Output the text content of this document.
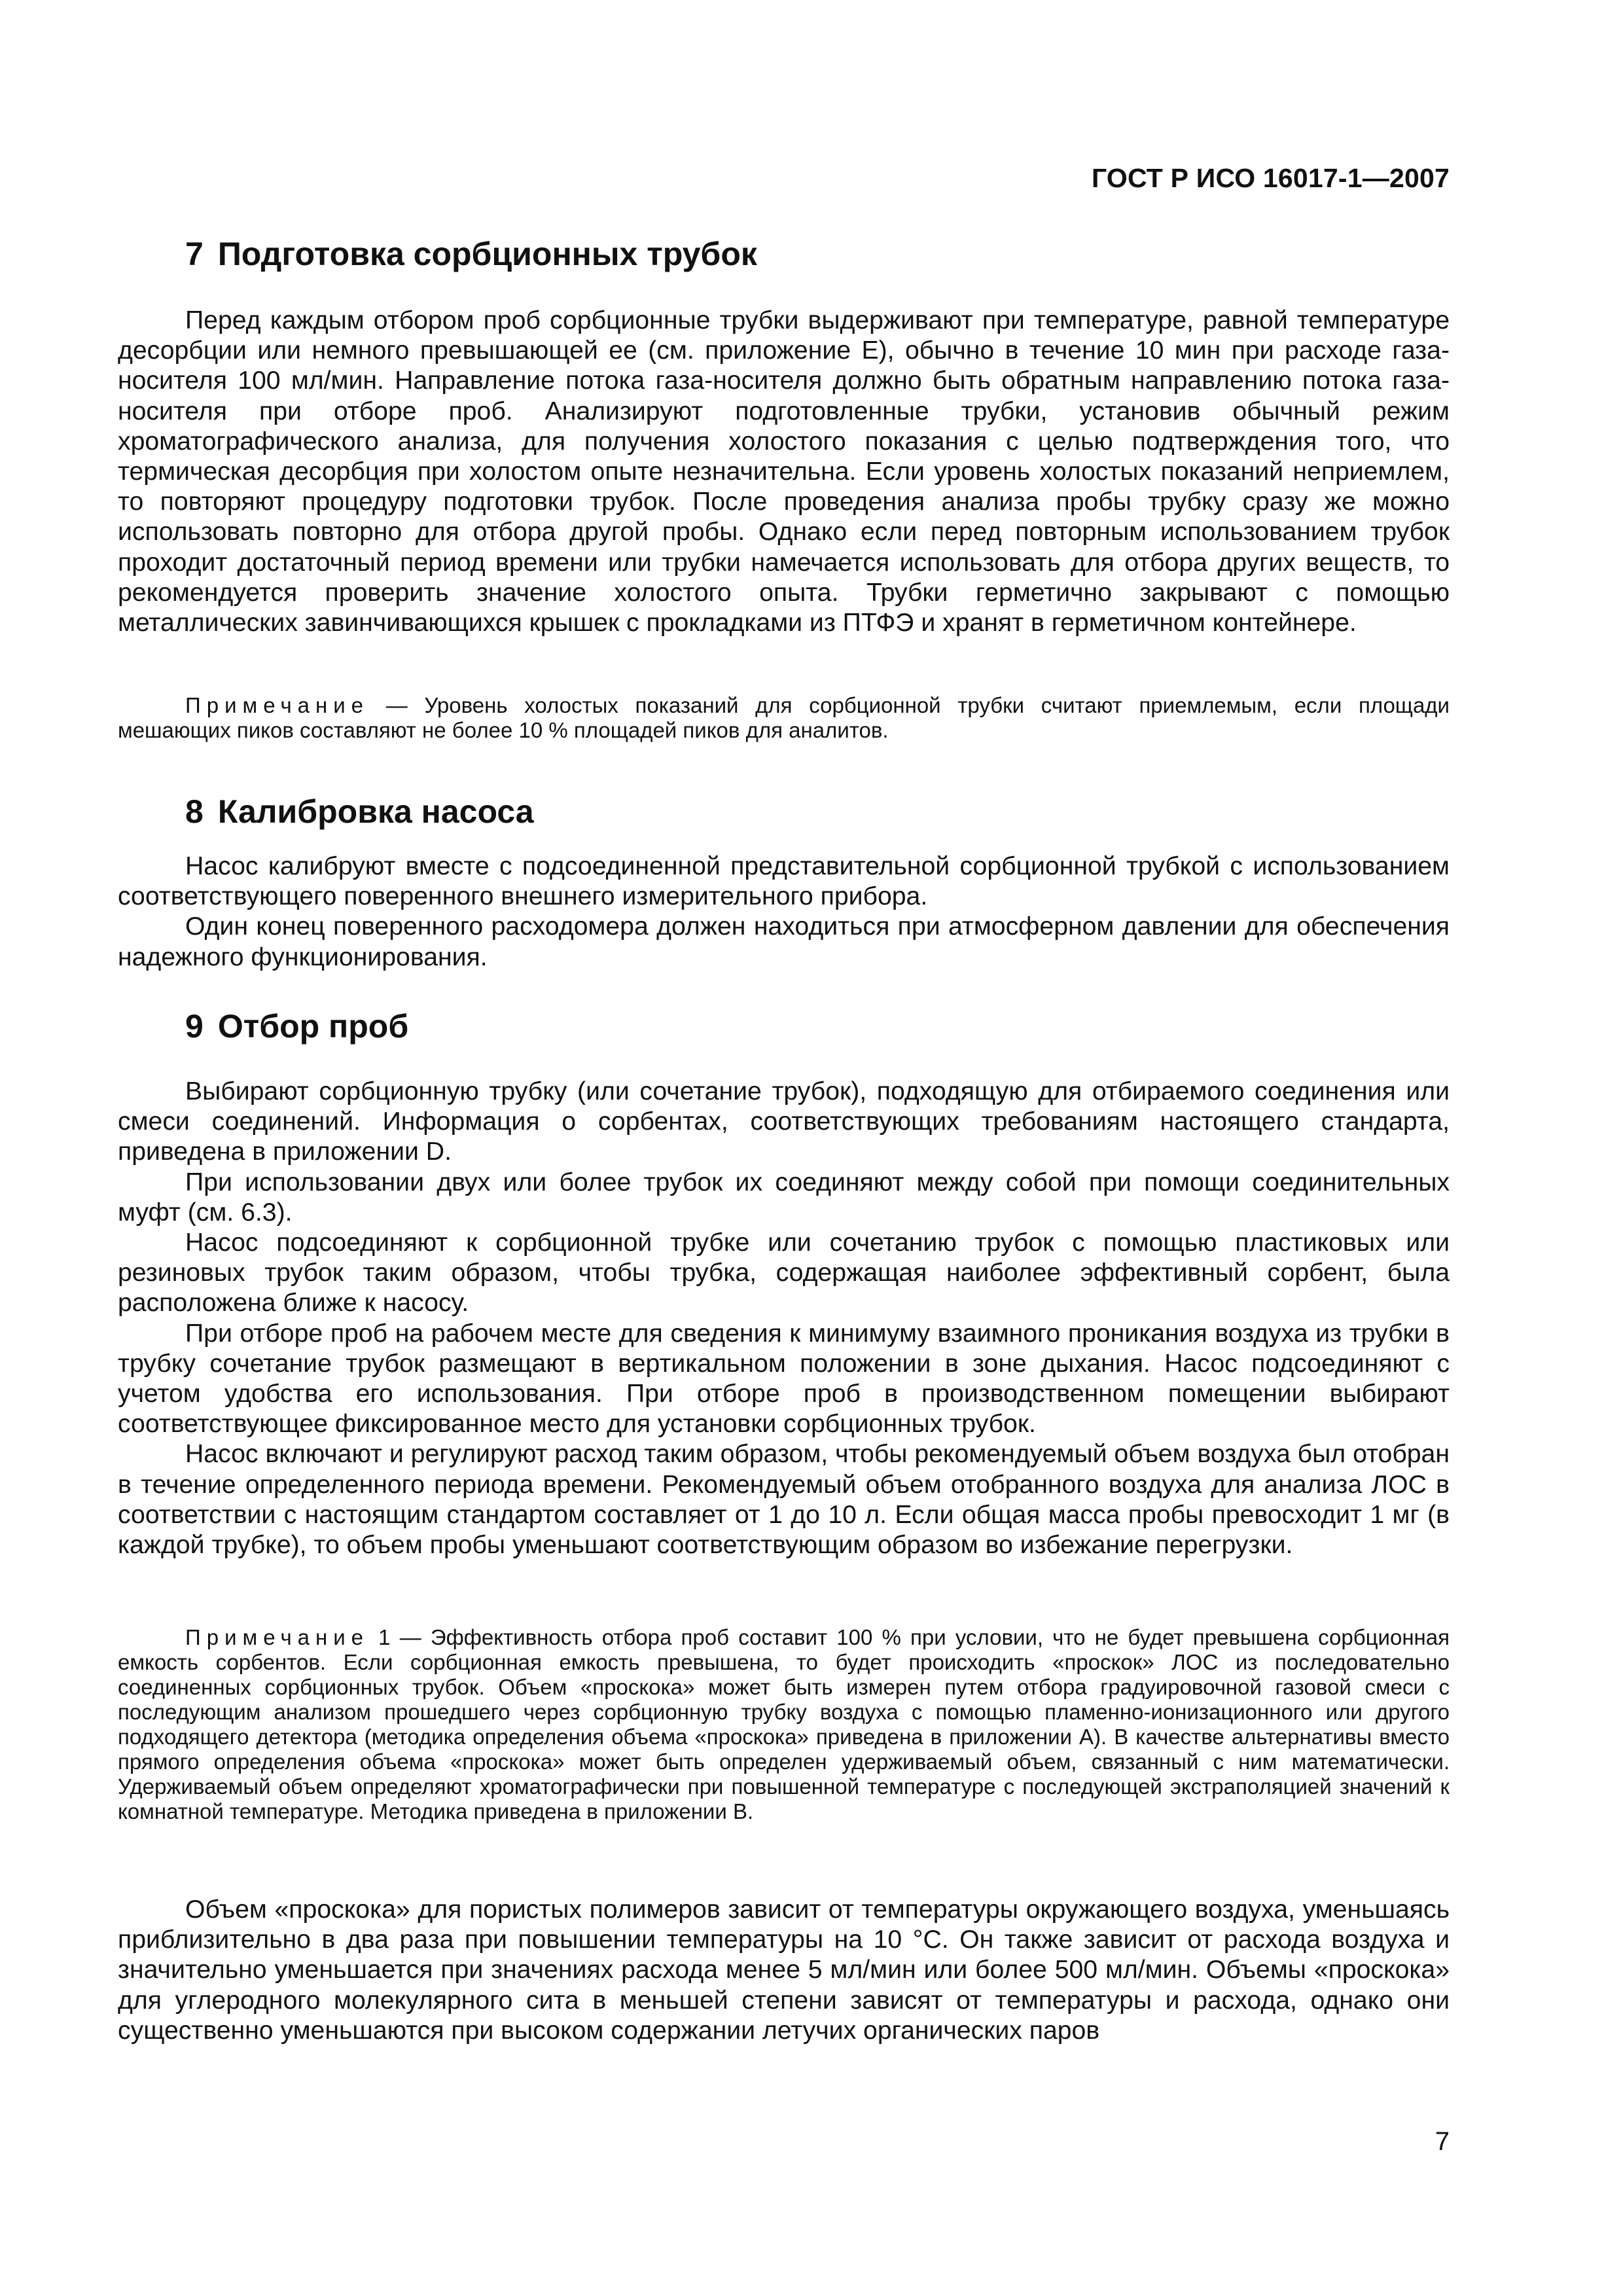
ГОСТ Р ИСО 16017-1—2007
7 Подготовка сорбционных трубок

Перед каждым отбором проб сорбционные трубки выдерживают при температуре, равной температуре десорбции или немного превышающей ее (см. приложение E), обычно в течение 10 мин при расходе газа-носителя 100 мл/мин. Направление потока газа-носителя должно быть обратным направлению потока газа-носителя при отборе проб. Анализируют подготовленные трубки, установив обычный режим хроматографического анализа, для получения холостого показания с целью подтверждения того, что термическая десорбция при холостом опыте незначительна. Если уровень холостых показаний неприемлем, то повторяют процедуру подготовки трубок. После проведения анализа пробы трубку сразу же можно использовать повторно для отбора другой пробы. Однако если перед повторным использованием трубок проходит достаточный период времени или трубки намечается использовать для отбора других веществ, то рекомендуется проверить значение холостого опыта. Трубки герметично закрывают с помощью металлических завинчивающихся крышек с прокладками из ПТФЭ и хранят в герметичном контейнере.

Примечание — Уровень холостых показаний для сорбционной трубки считают приемлемым, если площади мешающих пиков составляют не более 10 % площадей пиков для аналитов.

8 Калибровка насоса

Насос калибруют вместе с подсоединенной представительной сорбционной трубкой с использованием соответствующего поверенного внешнего измерительного прибора.

Один конец поверенного расходомера должен находиться при атмосферном давлении для обеспечения надежного функционирования.

9 Отбор проб

Выбирают сорбционную трубку (или сочетание трубок), подходящую для отбираемого соединения или смеси соединений. Информация о сорбентах, соответствующих требованиям настоящего стандарта, приведена в приложении D.

При использовании двух или более трубок их соединяют между собой при помощи соединительных муфт (см. 6.3).

Насос подсоединяют к сорбционной трубке или сочетанию трубок с помощью пластиковых или резиновых трубок таким образом, чтобы трубка, содержащая наиболее эффективный сорбент, была расположена ближе к насосу.

При отборе проб на рабочем месте для сведения к минимуму взаимного проникания воздуха из трубки в трубку сочетание трубок размещают в вертикальном положении в зоне дыхания. Насос подсоединяют с учетом удобства его использования. При отборе проб в производственном помещении выбирают соответствующее фиксированное место для установки сорбционных трубок.

Насос включают и регулируют расход таким образом, чтобы рекомендуемый объем воздуха был отобран в течение определенного периода времени. Рекомендуемый объем отобранного воздуха для анализа ЛОС в соответствии с настоящим стандартом составляет от 1 до 10 л. Если общая масса пробы превосходит 1 мг (в каждой трубке), то объем пробы уменьшают соответствующим образом во избежание перегрузки.

Примечание 1 — Эффективность отбора проб составит 100 % при условии, что не будет превышена сорбционная емкость сорбентов. Если сорбционная емкость превышена, то будет происходить «проскок» ЛОС из последовательно соединенных сорбционных трубок. Объем «проскока» может быть измерен путем отбора градуировочной газовой смеси с последующим анализом прошедшего через сорбционную трубку воздуха с помощью пламенно-ионизационного или другого подходящего детектора (методика определения объема «проскока» приведена в приложении A). В качестве альтернативы вместо прямого определения объема «проскока» может быть определен удерживаемый объем, связанный с ним математически. Удерживаемый объем определяют хроматографически при повышенной температуре с последующей экстраполяцией значений к комнатной температуре. Методика приведена в приложении B.

Объем «проскока» для пористых полимеров зависит от температуры окружающего воздуха, уменьшаясь приблизительно в два раза при повышении температуры на 10 °C. Он также зависит от расхода воздуха и значительно уменьшается при значениях расхода менее 5 мл/мин или более 500 мл/мин. Объемы «проскока» для углеродного молекулярного сита в меньшей степени зависят от температуры и расхода, однако они существенно уменьшаются при высоком содержании летучих органических паров

7
